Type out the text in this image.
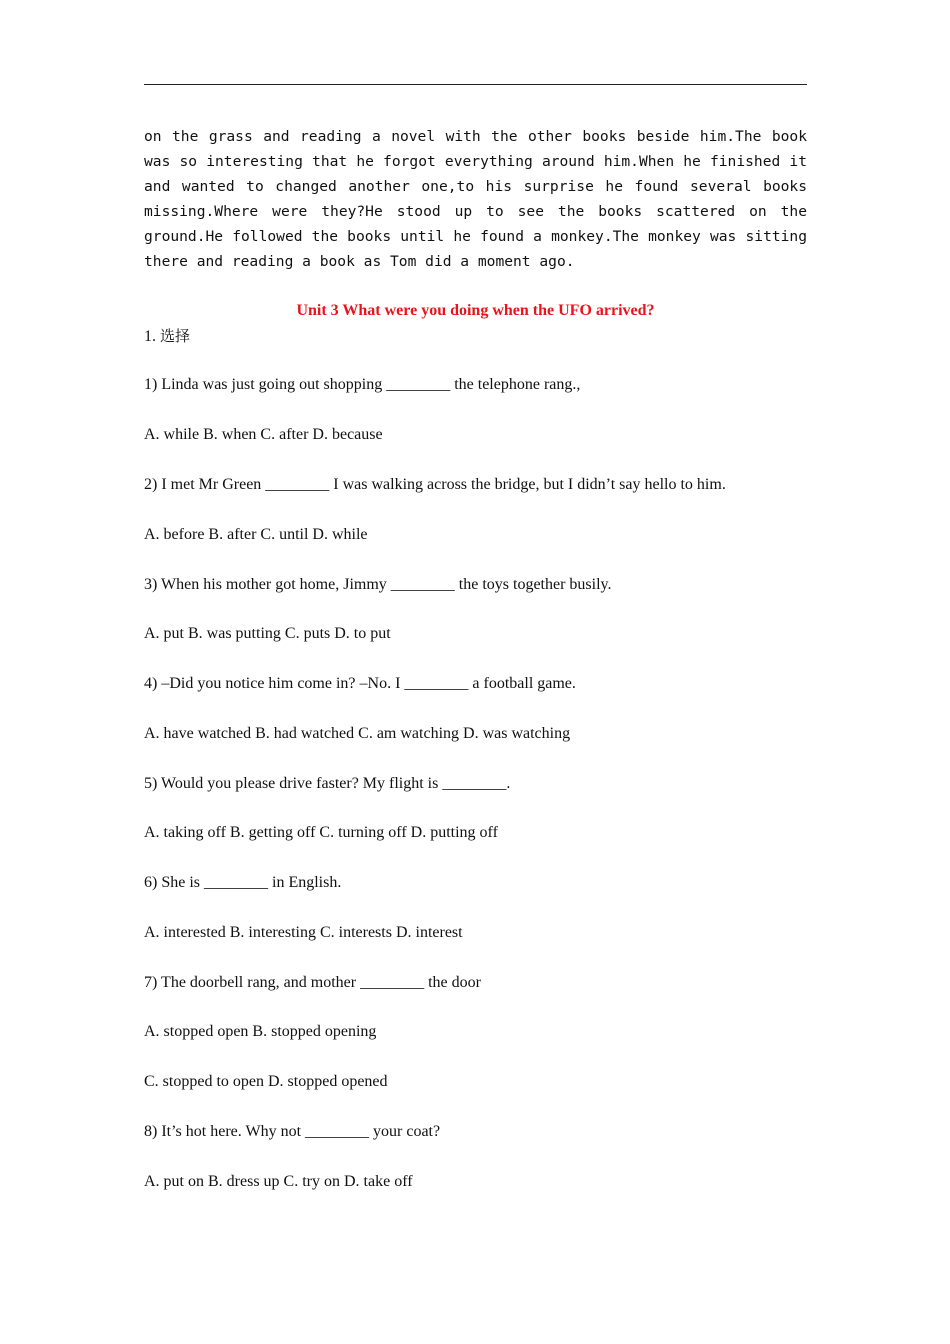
on the grass and reading a novel with the other books beside him.The book was so interesting that he forgot everything around him.When he finished it and wanted to changed another one,to his surprise he found several books missing.Where were they?He stood up to see the books scattered on the ground.He followed the books until he found a monkey.The monkey was sitting there and reading a book as Tom did a moment ago.

Unit 3 What were you doing when the UFO arrived?

1. 选择

1) Linda was just going out shopping ________ the telephone rang.,

A. while B. when C. after D. because

2) I met Mr Green ________ I was walking across the bridge, but I didn’t say hello to him.

A. before B. after C. until D. while

3) When his mother got home, Jimmy ________ the toys together busily.

A. put B. was putting C. puts D. to put

4) –Did you notice him come in? –No. I ________ a football game.

A. have watched B. had watched C. am watching D. was watching

5) Would you please drive faster? My flight is ________.

A. taking off B. getting off C. turning off D. putting off

6) She is ________ in English.

A. interested B. interesting C. interests D. interest

7) The doorbell rang, and mother ________ the door

A. stopped open B. stopped opening

C. stopped to open D. stopped opened

8) It’s hot here. Why not ________ your coat?

A. put on B. dress up C. try on D. take off
